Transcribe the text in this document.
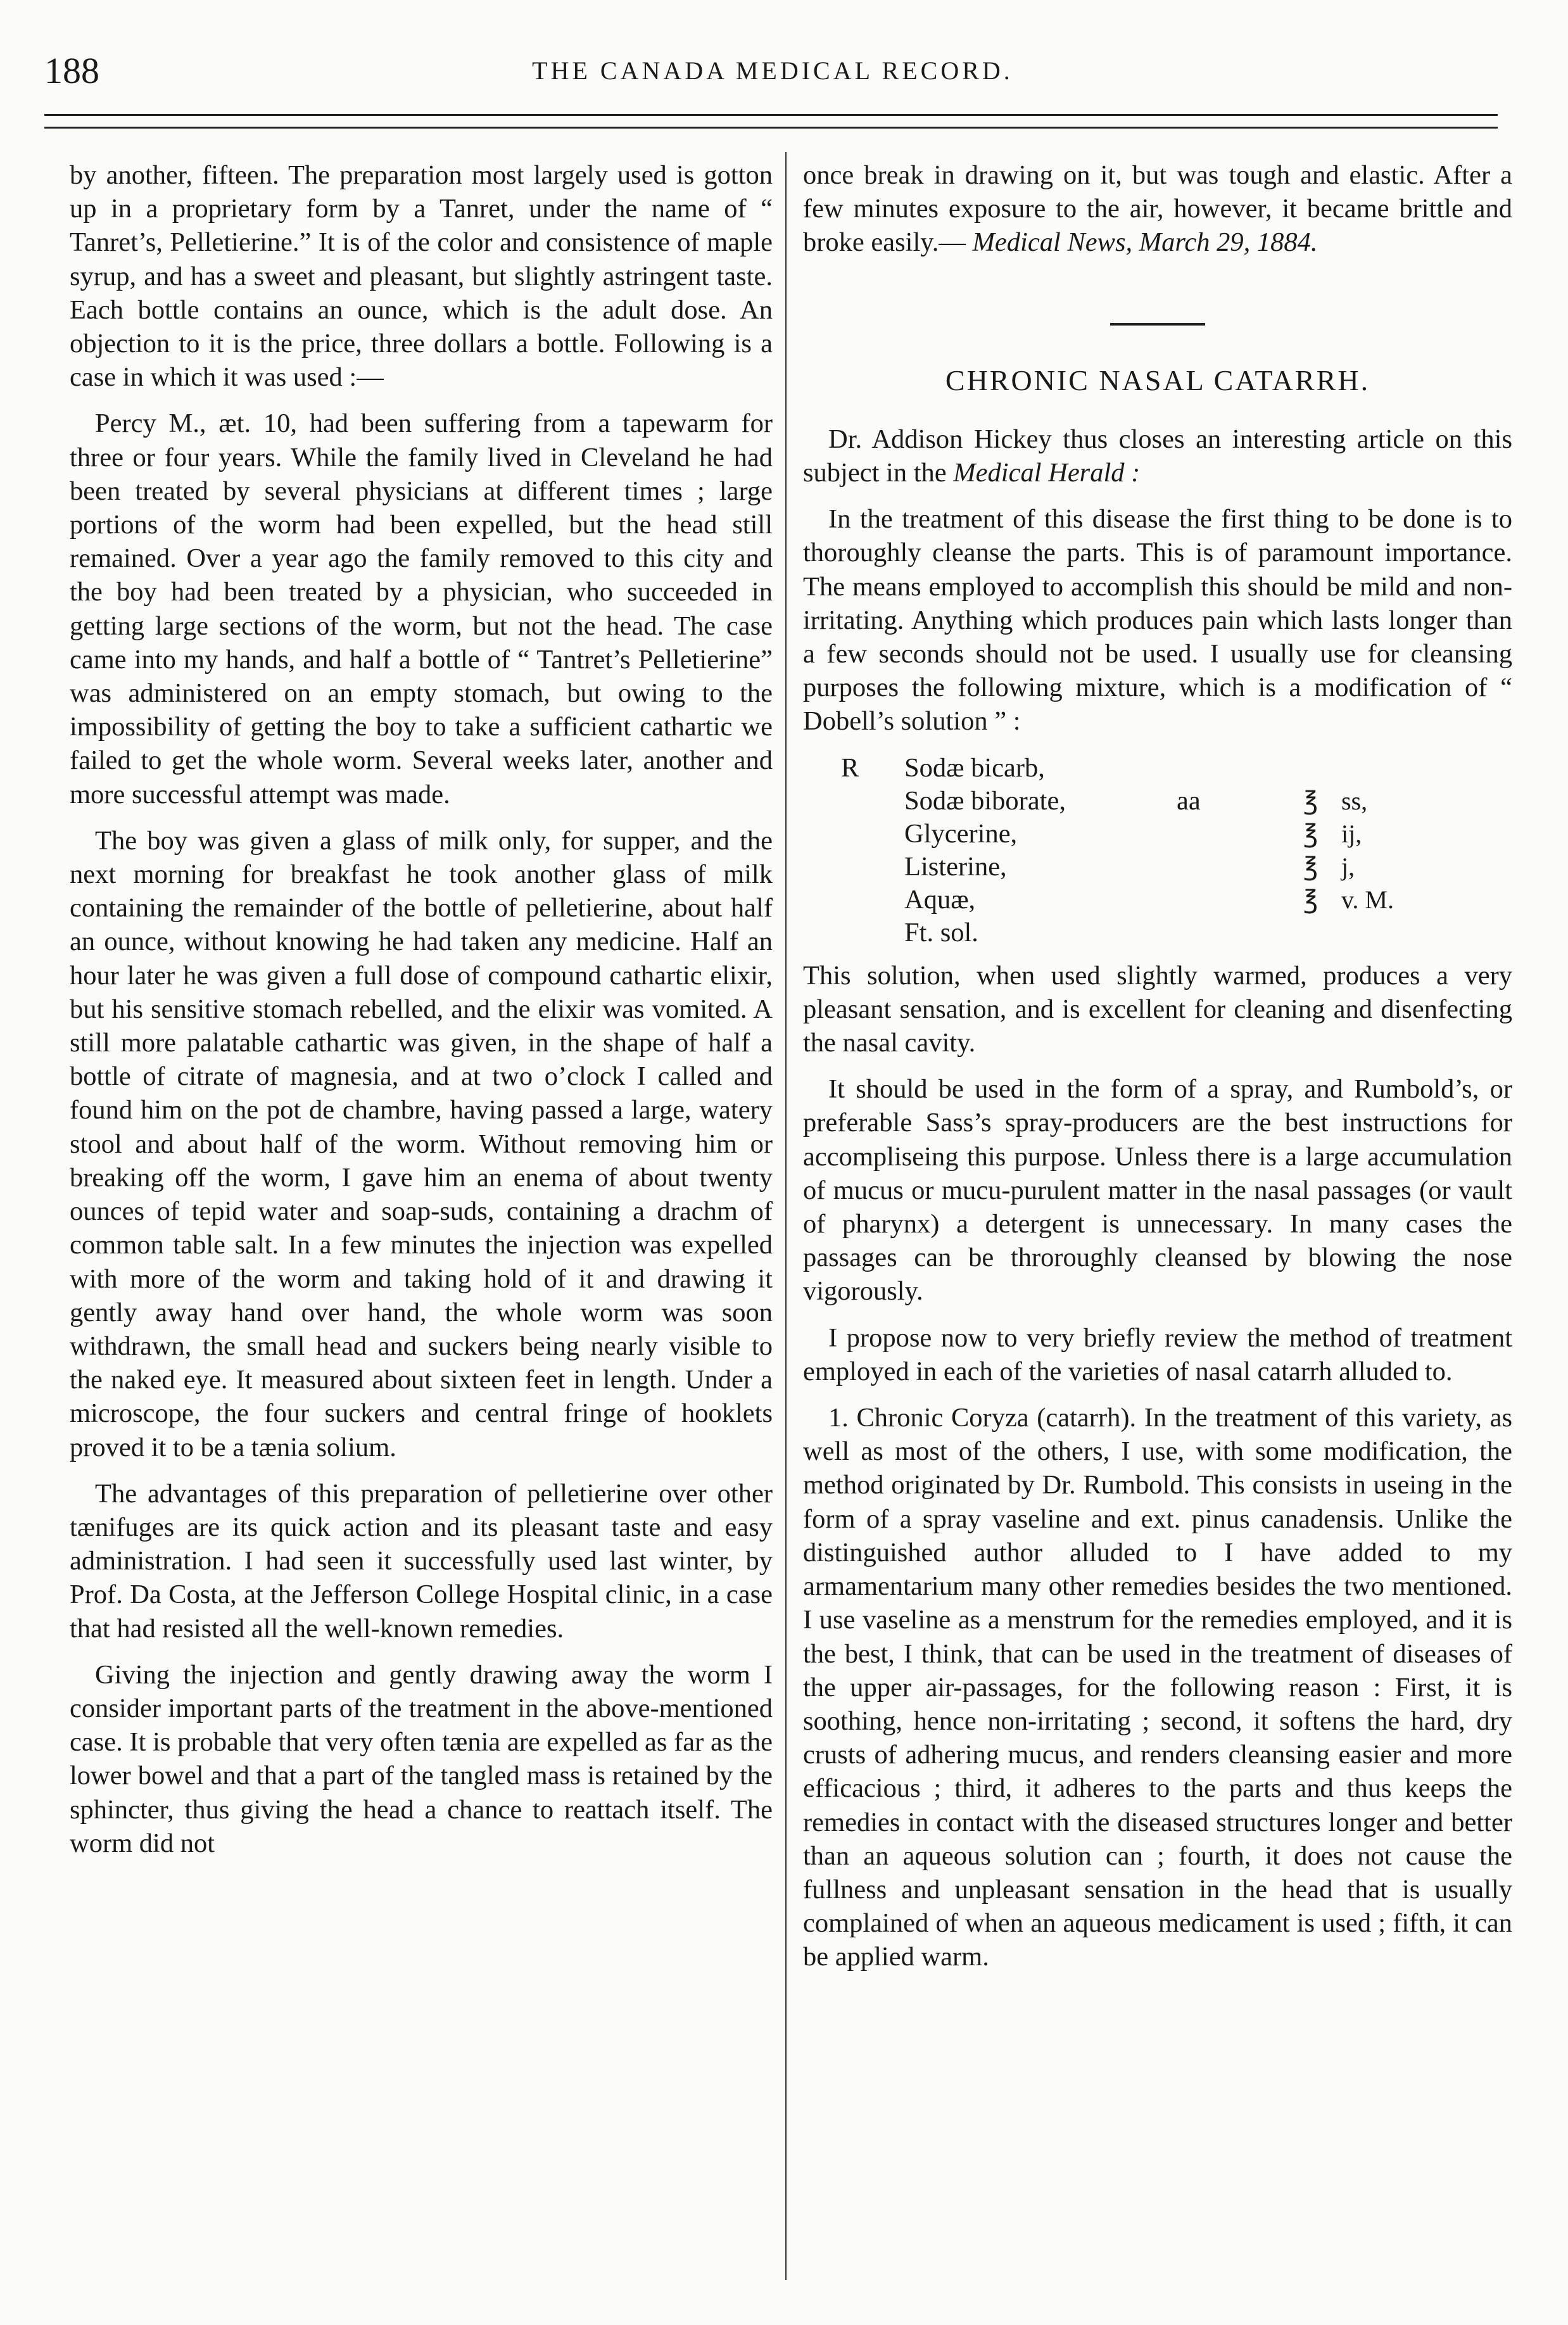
188	THE CANADA MEDICAL RECORD.

by another, fifteen. The preparation most largely used is gotton up in a proprietary form by a Tanret, under the name of “ Tanret’s, Pelletierine.” It is of the color and consistence of maple syrup, and has a sweet and pleasant, but slightly astringent taste. Each bottle contains an ounce, which is the adult dose. An objection to it is the price, three dollars a bottle. Following is a case in which it was used :—

Percy M., æt. 10, had been suffering from a tapewarm for three or four years. While the family lived in Cleveland he had been treated by several physicians at different times ; large portions of the worm had been expelled, but the head still remained. Over a year ago the family removed to this city and the boy had been treated by a physician, who succeeded in getting large sections of the worm, but not the head. The case came into my hands, and half a bottle of “ Tantret’s Pelletierine” was administered on an empty stomach, but owing to the impossibility of getting the boy to take a sufficient cathartic we failed to get the whole worm. Several weeks later, another and more successful attempt was made.

The boy was given a glass of milk only, for supper, and the next morning for breakfast he took another glass of milk containing the remainder of the bottle of pelletierine, about half an ounce, without knowing he had taken any medicine. Half an hour later he was given a full dose of compound cathartic elixir, but his sensitive stomach rebelled, and the elixir was vomited. A still more palatable cathartic was given, in the shape of half a bottle of citrate of magnesia, and at two o’clock I called and found him on the pot de chambre, having passed a large, watery stool and about half of the worm. Without removing him or breaking off the worm, I gave him an enema of about twenty ounces of tepid water and soap-suds, containing a drachm of common table salt. In a few minutes the injection was expelled with more of the worm and taking hold of it and drawing it gently away hand over hand, the whole worm was soon withdrawn, the small head and suckers being nearly visible to the naked eye. It measured about sixteen feet in length. Under a microscope, the four suckers and central fringe of hooklets proved it to be a tænia solium.

The advantages of this preparation of pelletierine over other tænifuges are its quick action and its pleasant taste and easy administration. I had seen it successfully used last winter, by Prof. Da Costa, at the Jefferson College Hospital clinic, in a case that had resisted all the well-known remedies.

Giving the injection and gently drawing away the worm I consider important parts of the treatment in the above-mentioned case. It is probable that very often tænia are expelled as far as the lower bowel and that a part of the tangled mass is retained by the sphincter, thus giving the head a chance to reattach itself. The worm did not

once break in drawing on it, but was tough and elastic. After a few minutes exposure to the air, however, it became brittle and broke easily.— Medical News, March 29, 1884.

CHRONIC NASAL CATARRH.

Dr. Addison Hickey thus closes an interesting article on this subject in the Medical Herald :

In the treatment of this disease the first thing to be done is to thoroughly cleanse the parts. This is of paramount importance. The means employed to accomplish this should be mild and non-irritating. Anything which produces pain which lasts longer than a few seconds should not be used. I usually use for cleansing purposes the following mixture, which is a modification of “ Dobell’s solution ” :

R	Sodæ bicarb,
Sodæ biborate,	aa	℥ ss,
Glycerine,	℥ ij,
Listerine,	℥ j,
Aquæ,	℥ v. M.
Ft. sol.

This solution, when used slightly warmed, produces a very pleasant sensation, and is excellent for cleaning and disenfecting the nasal cavity.

It should be used in the form of a spray, and Rumbold’s, or preferable Sass’s spray-producers are the best instructions for accompliseing this purpose. Unless there is a large accumulation of mucus or mucu-purulent matter in the nasal passages (or vault of pharynx) a detergent is unnecessary. In many cases the passages can be throroughly cleansed by blowing the nose vigorously.

I propose now to very briefly review the method of treatment employed in each of the varieties of nasal catarrh alluded to.

1. Chronic Coryza (catarrh). In the treatment of this variety, as well as most of the others, I use, with some modification, the method originated by Dr. Rumbold. This consists in useing in the form of a spray vaseline and ext. pinus canadensis. Unlike the distinguished author alluded to I have added to my armamentarium many other remedies besides the two mentioned. I use vaseline as a menstrum for the remedies employed, and it is the best, I think, that can be used in the treatment of diseases of the upper air-passages, for the following reason : First, it is soothing, hence non-irritating ; second, it softens the hard, dry crusts of adhering mucus, and renders cleansing easier and more efficacious ; third, it adheres to the parts and thus keeps the remedies in contact with the diseased structures longer and better than an aqueous solution can ; fourth, it does not cause the fullness and unpleasant sensation in the head that is usually complained of when an aqueous medicament is used ; fifth, it can be applied warm.
